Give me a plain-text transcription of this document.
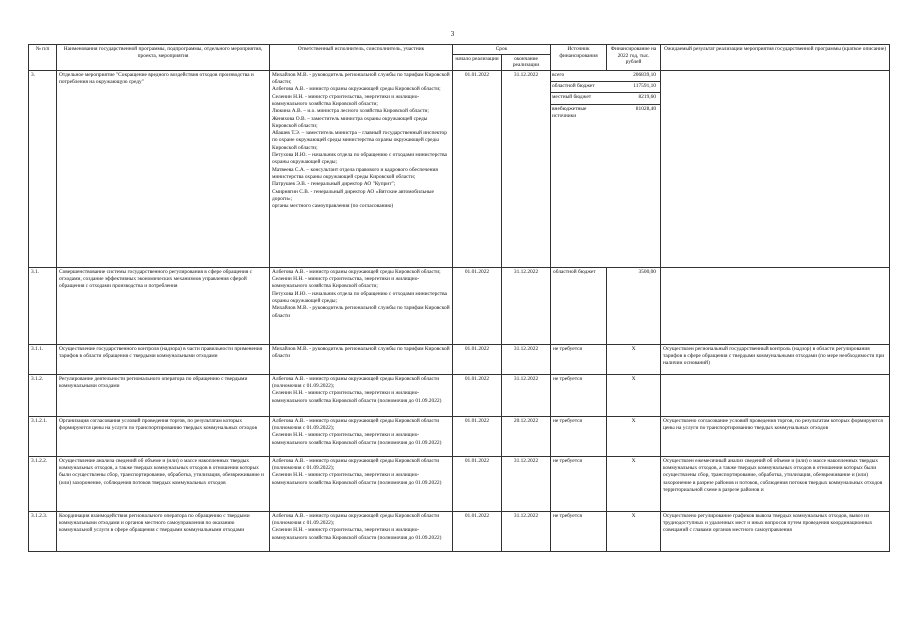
3
№ п/п	Наименования государственной программы, подпрограммы, отдельного мероприятия, проекта, мероприятия	Ответственный исполнитель, соисполнитель, участник	Срок	Источник финансирования	Финансирование на 2022 год, тыс. рублей	Ожидаемый результат реализации мероприятия государственной программы (краткое описание)
начало реализации	окончание реализации
3.	Отдельное мероприятие "Сокращение вредного воздействия отходов производства и потребления на окружающую среду"	Михайлов М.В. - руководитель региональной службы по тарифам Кировской области;
Албегова А.В. - министр охраны окружающей среды Кировской области;
Селенин Н.Н. - министр строительства, энергетики и жилищно-коммунального хозяйства Кировской области;
Люкина А.В. – и.о. министра лесного хозяйства Кировской области;
Женяхова О.В. – заместитель министра охраны окружающей среды Кировской области;
Абашев Т.Э. – заместитель министра – главный государственный инспектор по охране окружающей среды министерства охраны окружающей среды Кировской области;
Петухова И.Ю. – начальник отдела по обращению с отходами министерства охраны окружающей среды;
Матвеева С.А. – консультант отдела правового и кадрового обеспечения министерства охраны окружающей среды Кировской области;
Патрушев Э.В. - генеральный директор АО "Куприт";
Смирнягин С.В. - генеральный директор АО «Вятские автомобильные дороги»;
органы местного самоуправления (по согласованию)	01.01.2022	31.12.2022		всего	206839,10
областной бюджет	117591,10
местный бюджет	8219,60
внебюджетные источники	81028,40

3.1.	Совершенствование системы государственного регулирования в сфере обращения с отходами, создание эффективных экономических механизмов управления сферой обращения с отходами производства и потребления	Албегова А.В. - министр охраны окружающей среды Кировской области;
Селенин Н.Н. - министр строительства, энергетики и жилищно-коммунального хозяйства Кировской области;
Петухова И.Ю. – начальник отдела по обращению с отходами министерства охраны окружающей среды;
Михайлов М.В. - руководитель региональной службы по тарифам Кировской области	01.01.2022	31.12.2022	областной бюджет	3500,00	
3.1.1.	Осуществление государственного контроля (надзора) в части правильности применения тарифов в области обращения с твердыми коммунальными отходами	Михайлов М.В. - руководитель региональной службы по тарифам Кировской области	01.01.2022	31.12.2022	не требуется	X	Осуществлен региональный государственный контроль (надзор) в области регулирования тарифов в сфере обращения с твердыми коммунальными отходами (по мере необходимости при наличии оснований)
3.1.2.	Регулирование деятельности регионального оператора по обращению с твердыми коммунальными отходами	Албегова А.В. - министр охраны окружающей среды Кировской области (полномочия с 01.09.2022);
Селенин Н.Н. - министр строительства, энергетики и жилищно-коммунального хозяйства Кировской области (полномочия до 01.09.2022)	01.01.2022	31.12.2022	не требуется	X	
3.1.2.1.	Организация согласования условий проведения торгов, по результатам которых формируются цены на услуги по транспортированию твердых коммунальных отходов	Албегова А.В. - министр охраны окружающей среды Кировской области (полномочия с 01.09.2022);
Селенин Н.Н. - министр строительства, энергетики и жилищно-коммунального хозяйства Кировской области (полномочия до 01.09.2022)	01.01.2022	20.12.2022	не требуется	X	Осуществлено согласование условий проведения торгов, по результатам которых формируются цены на услуги по транспортированию твердых коммунальных отходов
3.1.2.2.	Осуществление анализа сведений об объеме и (или) о массе накопленных твердых коммунальных отходов, а также твердых коммунальных отходов в отношении которых были осуществлены сбор, транспортирование, обработка, утилизация, обезвреживание и (или) захоронение, соблюдения потоков твердых коммунальных отходов	Албегова А.В. - министр охраны окружающей среды Кировской области (полномочия с 01.09.2022);
Селенин Н.Н. - министр строительства, энергетики и жилищно-коммунального хозяйства Кировской области (полномочия до 01.09.2022)	01.01.2022	31.12.2022	не требуется	X	Осуществлен ежемесячный анализ сведений об объеме и (или) о массе накопленных твердых коммунальных отходов, а также твердых коммунальных отходов в отношении которых были осуществлены сбор, транспортирование, обработка, утилизация, обезвреживание и (или) захоронение в разрезе районов и потоков, соблюдения потоков твердых коммунальных отходов территориальной схеме в разрезе районов и
3.1.2.3.	Координация взаимодействия регионального оператора по обращению с твердыми коммунальными отходами и органов местного самоуправления по оказанию коммунальной услуги в сфере обращения с твердыми коммунальными отходами	Албегова А.В. - министр охраны окружающей среды Кировской области (полномочия с 01.09.2022);
Селенин Н.Н. - министр строительства, энергетики и жилищно-коммунального хозяйства Кировской области (полномочия до 01.09.2022)	01.01.2022	31.12.2022	не требуется	X	Осуществлено регулирование графиков вывоза твердых коммунальных отходов, вывоз из труднодоступных и удаленных мест и иных вопросов путем проведения координационных совещаний с главами органов местного самоуправления
